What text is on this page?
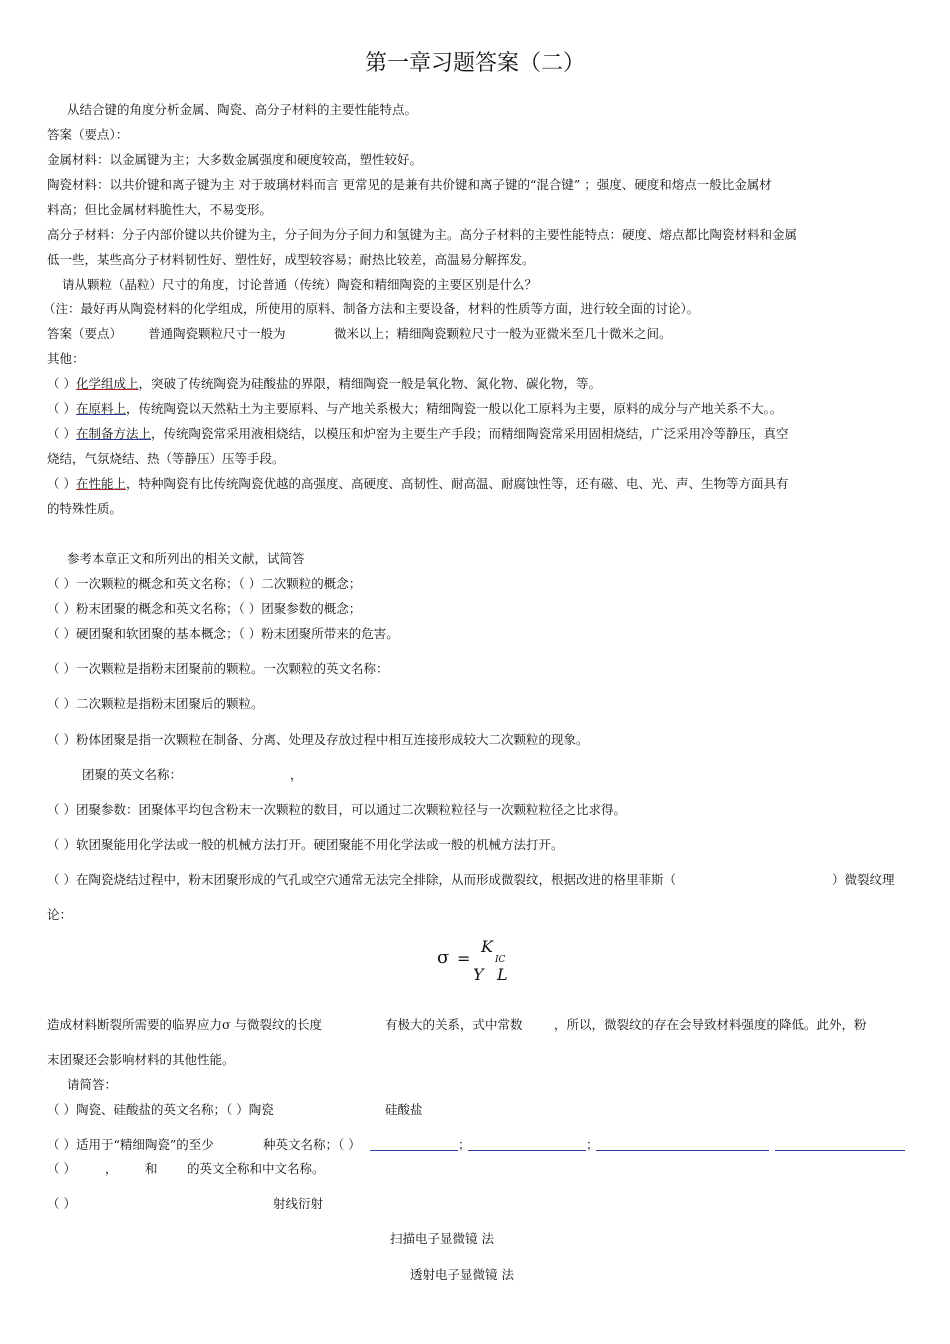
第一章习题答案（二）
从结合键的角度分析金属、陶瓷、高分子材料的主要性能特点。
答案（要点）：
金属材料：以金属键为主；大多数金属强度和硬度较高，塑性较好。
陶瓷材料：以共价键和离子键为主 对于玻璃材料而言 更常见的是兼有共价键和离子键的“混合键” ；强度、硬度和熔点一般比金属材
料高；但比金属材料脆性大，不易变形。
高分子材料：分子内部价键以共价键为主，分子间为分子间力和氢键为主。高分子材料的主要性能特点：硬度、熔点都比陶瓷材料和金属
低一些，某些高分子材料韧性好、塑性好，成型较容易；耐热比较差，高温易分解挥发。
请从颗粒（晶粒）尺寸的角度，讨论普通（传统）陶瓷和精细陶瓷的主要区别是什么？
（注：最好再从陶瓷材料的化学组成，所使用的原料、制备方法和主要设备，材料的性质等方面，进行较全面的讨论）。
答案（要点） 普通陶瓷颗粒尺寸一般为	微米以上；精细陶瓷颗粒尺寸一般为亚微米至几十微米之间。
其他：
（ ）化学组成上，突破了传统陶瓷为硅酸盐的界限，精细陶瓷一般是氧化物、氮化物、碳化物，等。
（ ）在原料上，传统陶瓷以天然粘土为主要原料、与产地关系极大；精细陶瓷一般以化工原料为主要，原料的成分与产地关系不大。。
（ ）在制备方法上，传统陶瓷常采用液相烧结，以模压和炉窑为主要生产手段；而精细陶瓷常采用固相烧结，广泛采用冷等静压，真空
烧结，气氛烧结、热（等静压）压等手段。
（ ）在性能上，特种陶瓷有比传统陶瓷优越的高强度、高硬度、高韧性、耐高温、耐腐蚀性等，还有磁、电、光、声、生物等方面具有
的特殊性质。
参考本章正文和所列出的相关文献，试简答
（ ）一次颗粒的概念和英文名称；（ ）二次颗粒的概念；
（ ）粉末团聚的概念和英文名称；（ ）团聚参数的概念；
（ ）硬团聚和软团聚的基本概念；（ ）粉末团聚所带来的危害。
（ ）一次颗粒是指粉末团聚前的颗粒。一次颗粒的英文名称：
（ ）二次颗粒是指粉末团聚后的颗粒。
（ ）粉体团聚是指一次颗粒在制备、分离、处理及存放过程中相互连接形成较大二次颗粒的现象。
团聚的英文名称：	，
（ ）团聚参数：团聚体平均包含粉末一次颗粒的数目，可以通过二次颗粒粒径与一次颗粒粒径之比求得。
（ ）软团聚能用化学法或一般的机械方法打开。硬团聚能不用化学法或一般的机械方法打开。
（ ）在陶瓷烧结过程中，粉末团聚形成的气孔或空穴通常无法完全排除，从而形成微裂纹，根据改进的格里菲斯（	）微裂纹理
论：
σ =
K
IC
Y L
造成材料断裂所需要的临界应力σ 与微裂纹的长度	有极大的关系，式中常数	，所以，微裂纹的存在会导致材料强度的降低。此外，粉
末团聚还会影响材料的其他性能。
请简答：
（ ）陶瓷、硅酸盐的英文名称；（ ）陶瓷	硅酸盐
（ ）适用于“精细陶瓷”的至少	种英文名称；（ ）	；	；
（ ） ， 和 的英文全称和中文名称。
（ ）	射线衍射
扫描电子显微镜 法
透射电子显微镜 法
